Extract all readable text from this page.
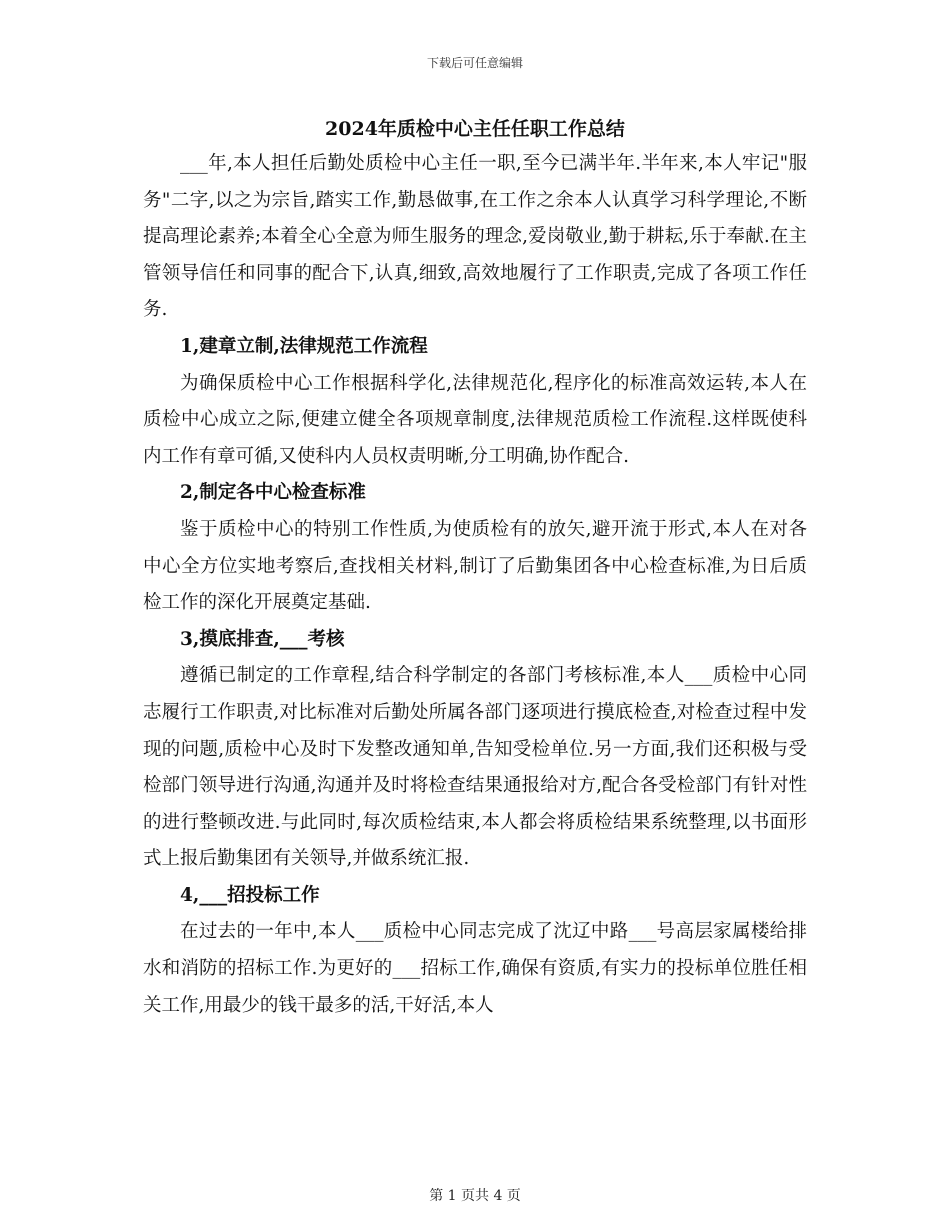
下载后可任意编辑
2024年质检中心主任任职工作总结

___年,本人担任后勤处质检中心主任一职,至今已满半年.半年来,本人牢记"服务"二字,以之为宗旨,踏实工作,勤恳做事,在工作之余本人认真学习科学理论,不断提高理论素养;本着全心全意为师生服务的理念,爱岗敬业,勤于耕耘,乐于奉献.在主管领导信任和同事的配合下,认真,细致,高效地履行了工作职责,完成了各项工作任务.

1,建章立制,法律规范工作流程

为确保质检中心工作根据科学化,法律规范化,程序化的标准高效运转,本人在质检中心成立之际,便建立健全各项规章制度,法律规范质检工作流程.这样既使科内工作有章可循,又使科内人员权责明晰,分工明确,协作配合.

2,制定各中心检查标准

鉴于质检中心的特别工作性质,为使质检有的放矢,避开流于形式,本人在对各中心全方位实地考察后,查找相关材料,制订了后勤集团各中心检查标准,为日后质检工作的深化开展奠定基础.

3,摸底排查,___考核

遵循已制定的工作章程,结合科学制定的各部门考核标准,本人___质检中心同志履行工作职责,对比标准对后勤处所属各部门逐项进行摸底检查,对检查过程中发现的问题,质检中心及时下发整改通知单,告知受检单位.另一方面,我们还积极与受检部门领导进行沟通,沟通并及时将检查结果通报给对方,配合各受检部门有针对性的进行整顿改进.与此同时,每次质检结束,本人都会将质检结果系统整理,以书面形式上报后勤集团有关领导,并做系统汇报.

4,___招投标工作

在过去的一年中,本人___质检中心同志完成了沈辽中路___号高层家属楼给排水和消防的招标工作.为更好的___招标工作,确保有资质,有实力的投标单位胜任相关工作,用最少的钱干最多的活,干好活,本人

第 1 页共 4 页
